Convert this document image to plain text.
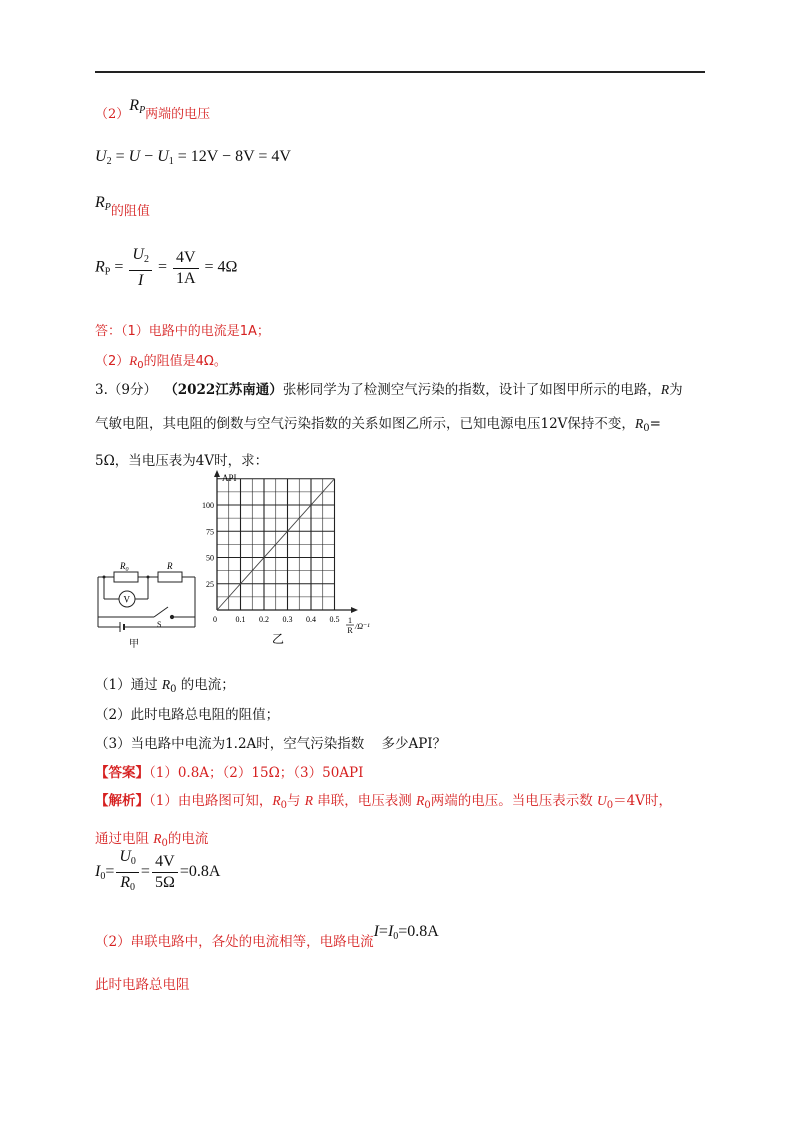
$(2)R_P$两端的电压
$U_2 = U - U_1 = 12V - 8V = 4V$
$R_P$的阻值
$R_P = \frac{U_2}{I} = \frac{4V}{1A} = 4\Omega$
答：（1）电路中的电流是1A；
$(2)R_0$的阻值是4Ω。
3.（9分） （2022江苏南通）张彬同学为了检测空气污染的指数，设计了如图甲所示的电路，R为
气敏电阻，其电阻的倒数与空气污染指数的关系如图乙所示，已知电源电压12V保持不变，$R_0=$
5Ω，当电压表为4V时，求：
$R_0$	R
V
S
甲
0 0.1 0.2 0.3 0.4 0.5
25
50
75
100
API
1
R /Ω⁻¹
乙
（1）通过 $R_0$ 的电流；
（2）此时电路总电阻的阻值；
（3）当电路中电流为1.2A时，空气污染指数    多少API？
【答案】（1）0.8A；（2）15Ω；（3）50API
【解析】（1）由电路图可知，$R_0$与 R 串联，电压表测 $R_0$两端的电压。当电压表示数 $U_0=4V$时，
通过电阻 $R_0$的电流
$I_0= \frac{U_0}{R_0} = \frac{4V}{5\Omega} =0.8A$
（2）串联电路中，各处的电流相等，电路电流$I=I_0=0.8A$
此时电路总电阻
